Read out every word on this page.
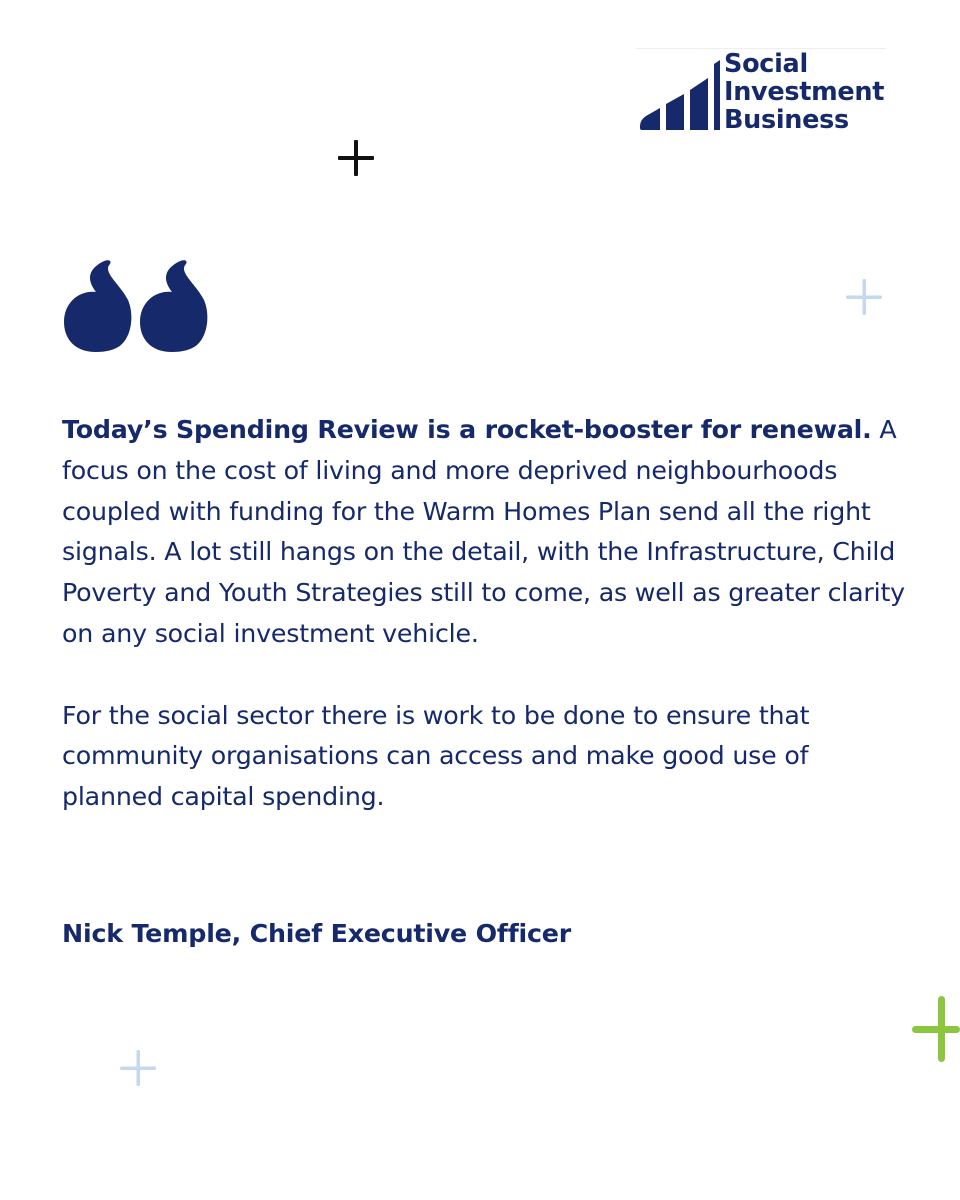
Social
Investment
Business

Today’s Spending Review is a rocket-booster for renewal. A focus on the cost of living and more deprived neighbourhoods coupled with funding for the Warm Homes Plan send all the right signals. A lot still hangs on the detail, with the Infrastructure, Child Poverty and Youth Strategies still to come, as well as greater clarity on any social investment vehicle.

For the social sector there is work to be done to ensure that community organisations can access and make good use of planned capital spending.

Nick Temple, Chief Executive Officer
